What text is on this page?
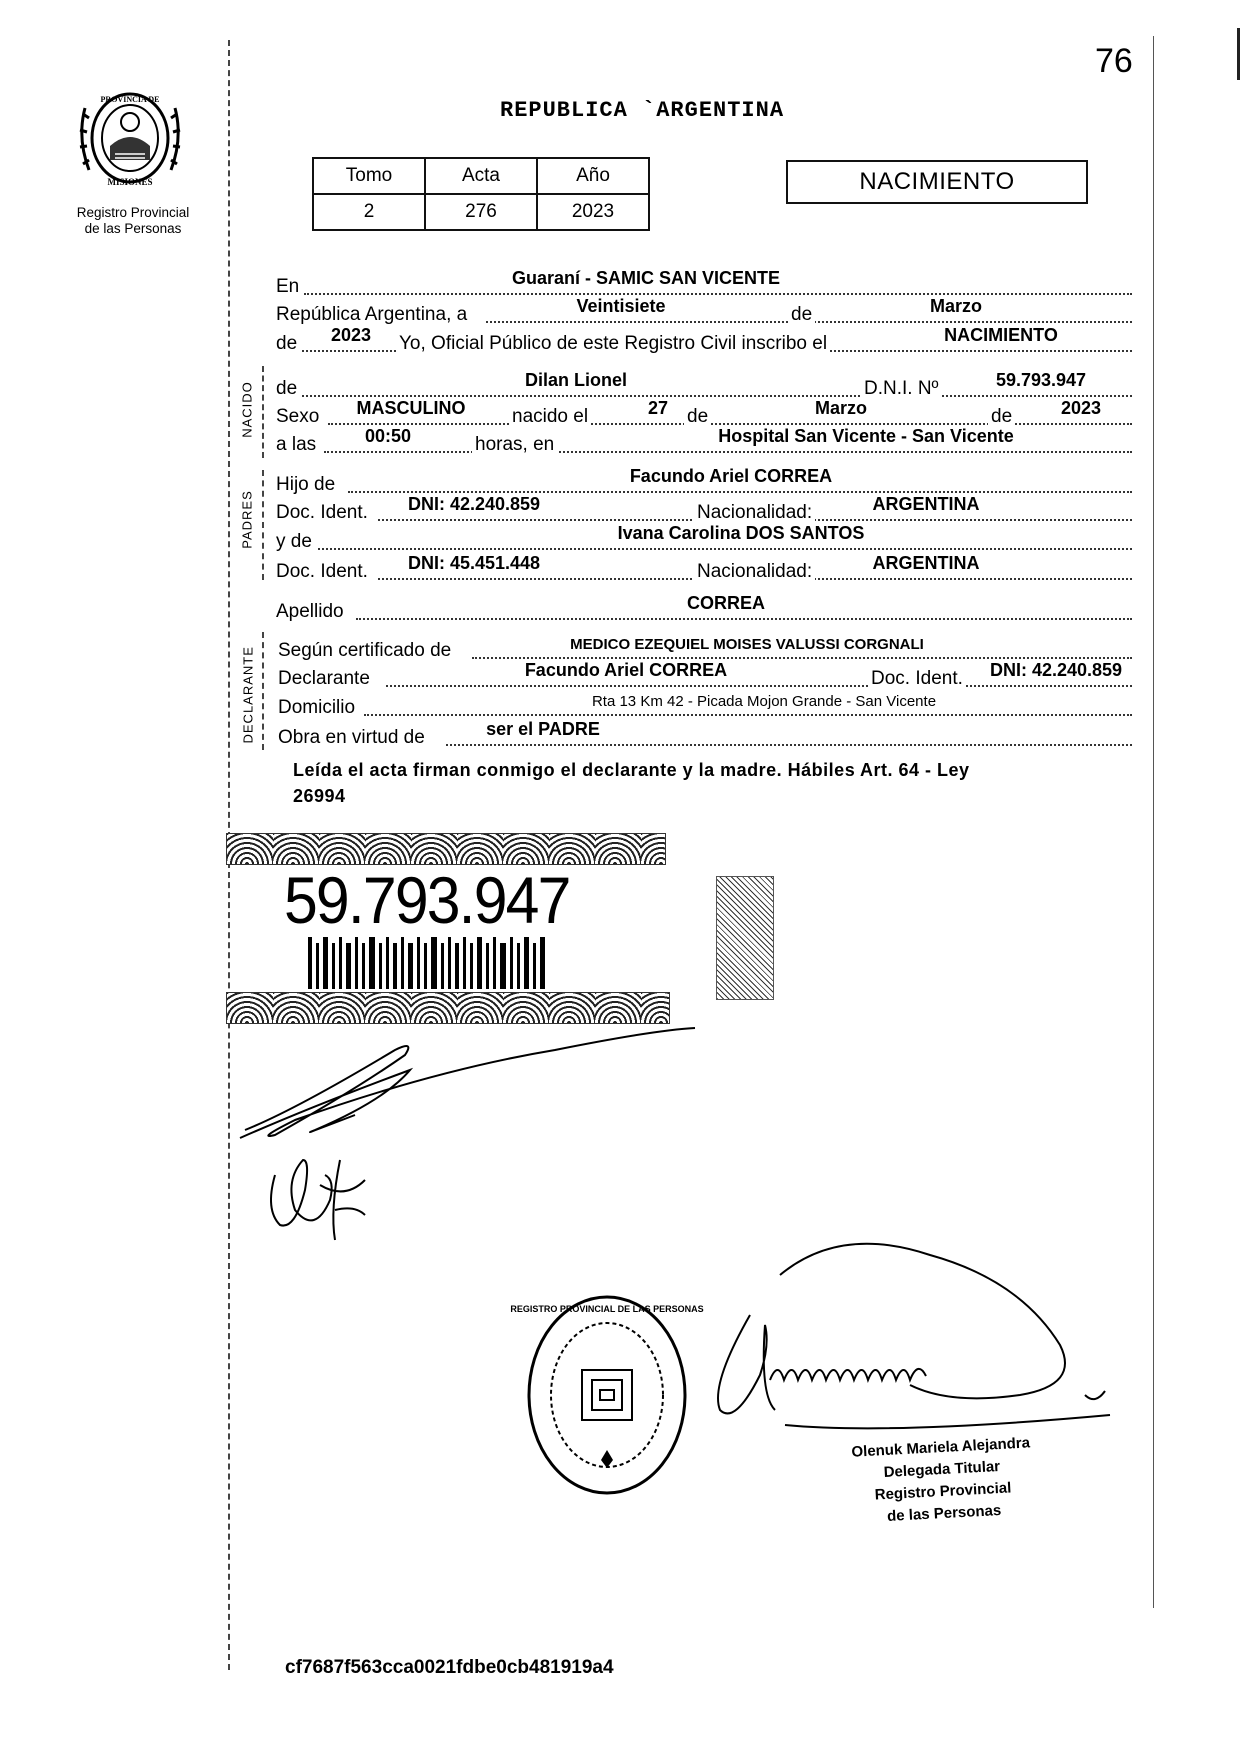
76
PROVINCIA DE
MISIONES
Registro Provincial
de las Personas
REPUBLICA `ARGENTINA
Tomo	Acta	Año
2	276	2023
NACIMIENTO
NACIDO
PADRES
DECLARANTE
En	Guaraní - SAMIC SAN VICENTE
República Argentina, a	Veintisiete	de	Marzo
de	2023	Yo, Oficial Público de este Registro Civil inscribo el	NACIMIENTO
de	Dilan Lionel	D.N.I. Nº	59.793.947
Sexo	MASCULINO	nacido el	27 de	Marzo	de	2023
a las	00:50	horas, en	Hospital San Vicente - San Vicente
Hijo de	Facundo Ariel CORREA
Doc. Ident.	DNI: 42.240.859	Nacionalidad:	ARGENTINA
y de	Ivana Carolina DOS SANTOS
Doc. Ident.	DNI: 45.451.448	Nacionalidad:	ARGENTINA
Apellido	CORREA
Según certificado de	MEDICO EZEQUIEL MOISES VALUSSI CORGNALI
Declarante	Facundo Ariel CORREA	Doc. Ident.	DNI: 42.240.859
Domicilio	Rta 13 Km 42 - Picada Mojon Grande - San Vicente
Obra en virtud de	ser el PADRE
Leída el acta firman conmigo el declarante y la madre. Hábiles Art. 64 - Ley
26994
59.793.947
REGISTRO PROVINCIAL DE LAS PERSONAS
Olenuk Mariela Alejandra
Delegada Titular
Registro Provincial
de las Personas
cf7687f563cca0021fdbe0cb481919a4
